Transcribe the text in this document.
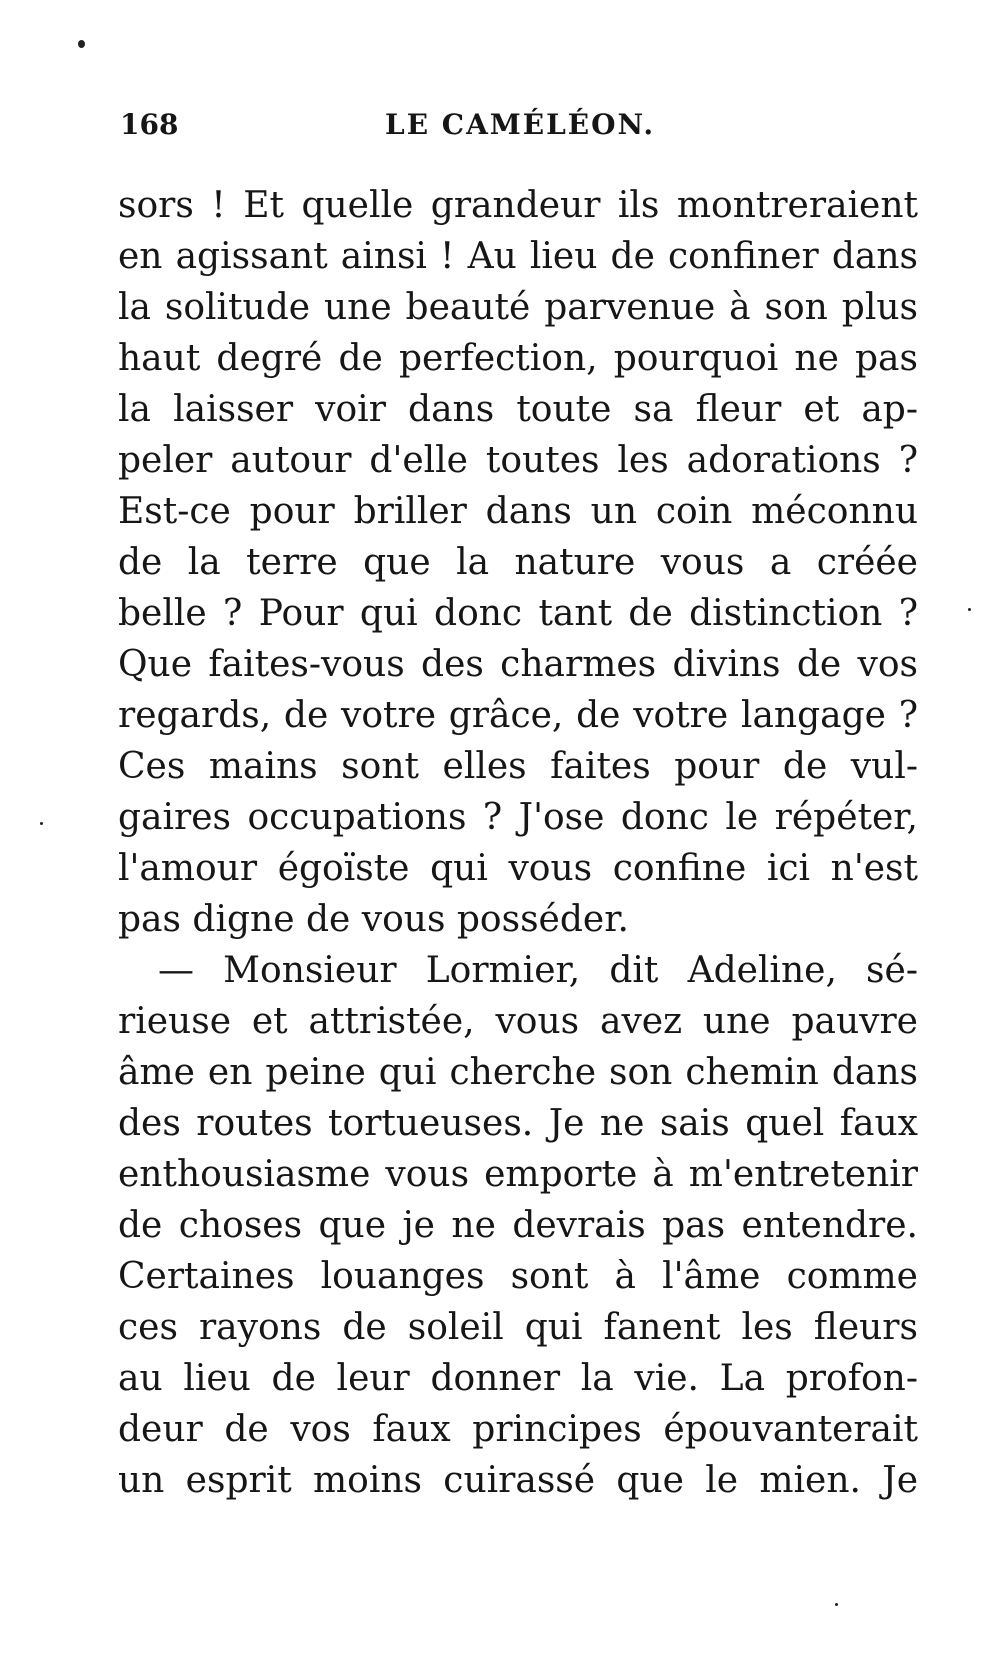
168	LE CAMÉLÉON.
sors ! Et quelle grandeur ils montreraient
en agissant ainsi ! Au lieu de confiner dans
la solitude une beauté parvenue à son plus
haut degré de perfection, pourquoi ne pas
la laisser voir dans toute sa fleur et ap-
peler autour d'elle toutes les adorations ?
Est-ce pour briller dans un coin méconnu
de la terre que la nature vous a créée
belle ? Pour qui donc tant de distinction ?
Que faites-vous des charmes divins de vos
regards, de votre grâce, de votre langage ?
Ces mains sont elles faites pour de vul-
gaires occupations ? J'ose donc le répéter,
l'amour égoïste qui vous confine ici n'est
pas digne de vous posséder.
— Monsieur Lormier, dit Adeline, sé-
rieuse et attristée, vous avez une pauvre
âme en peine qui cherche son chemin dans
des routes tortueuses. Je ne sais quel faux
enthousiasme vous emporte à m'entretenir
de choses que je ne devrais pas entendre.
Certaines louanges sont à l'âme comme
ces rayons de soleil qui fanent les fleurs
au lieu de leur donner la vie. La profon-
deur de vos faux principes épouvanterait
un esprit moins cuirassé que le mien. Je
